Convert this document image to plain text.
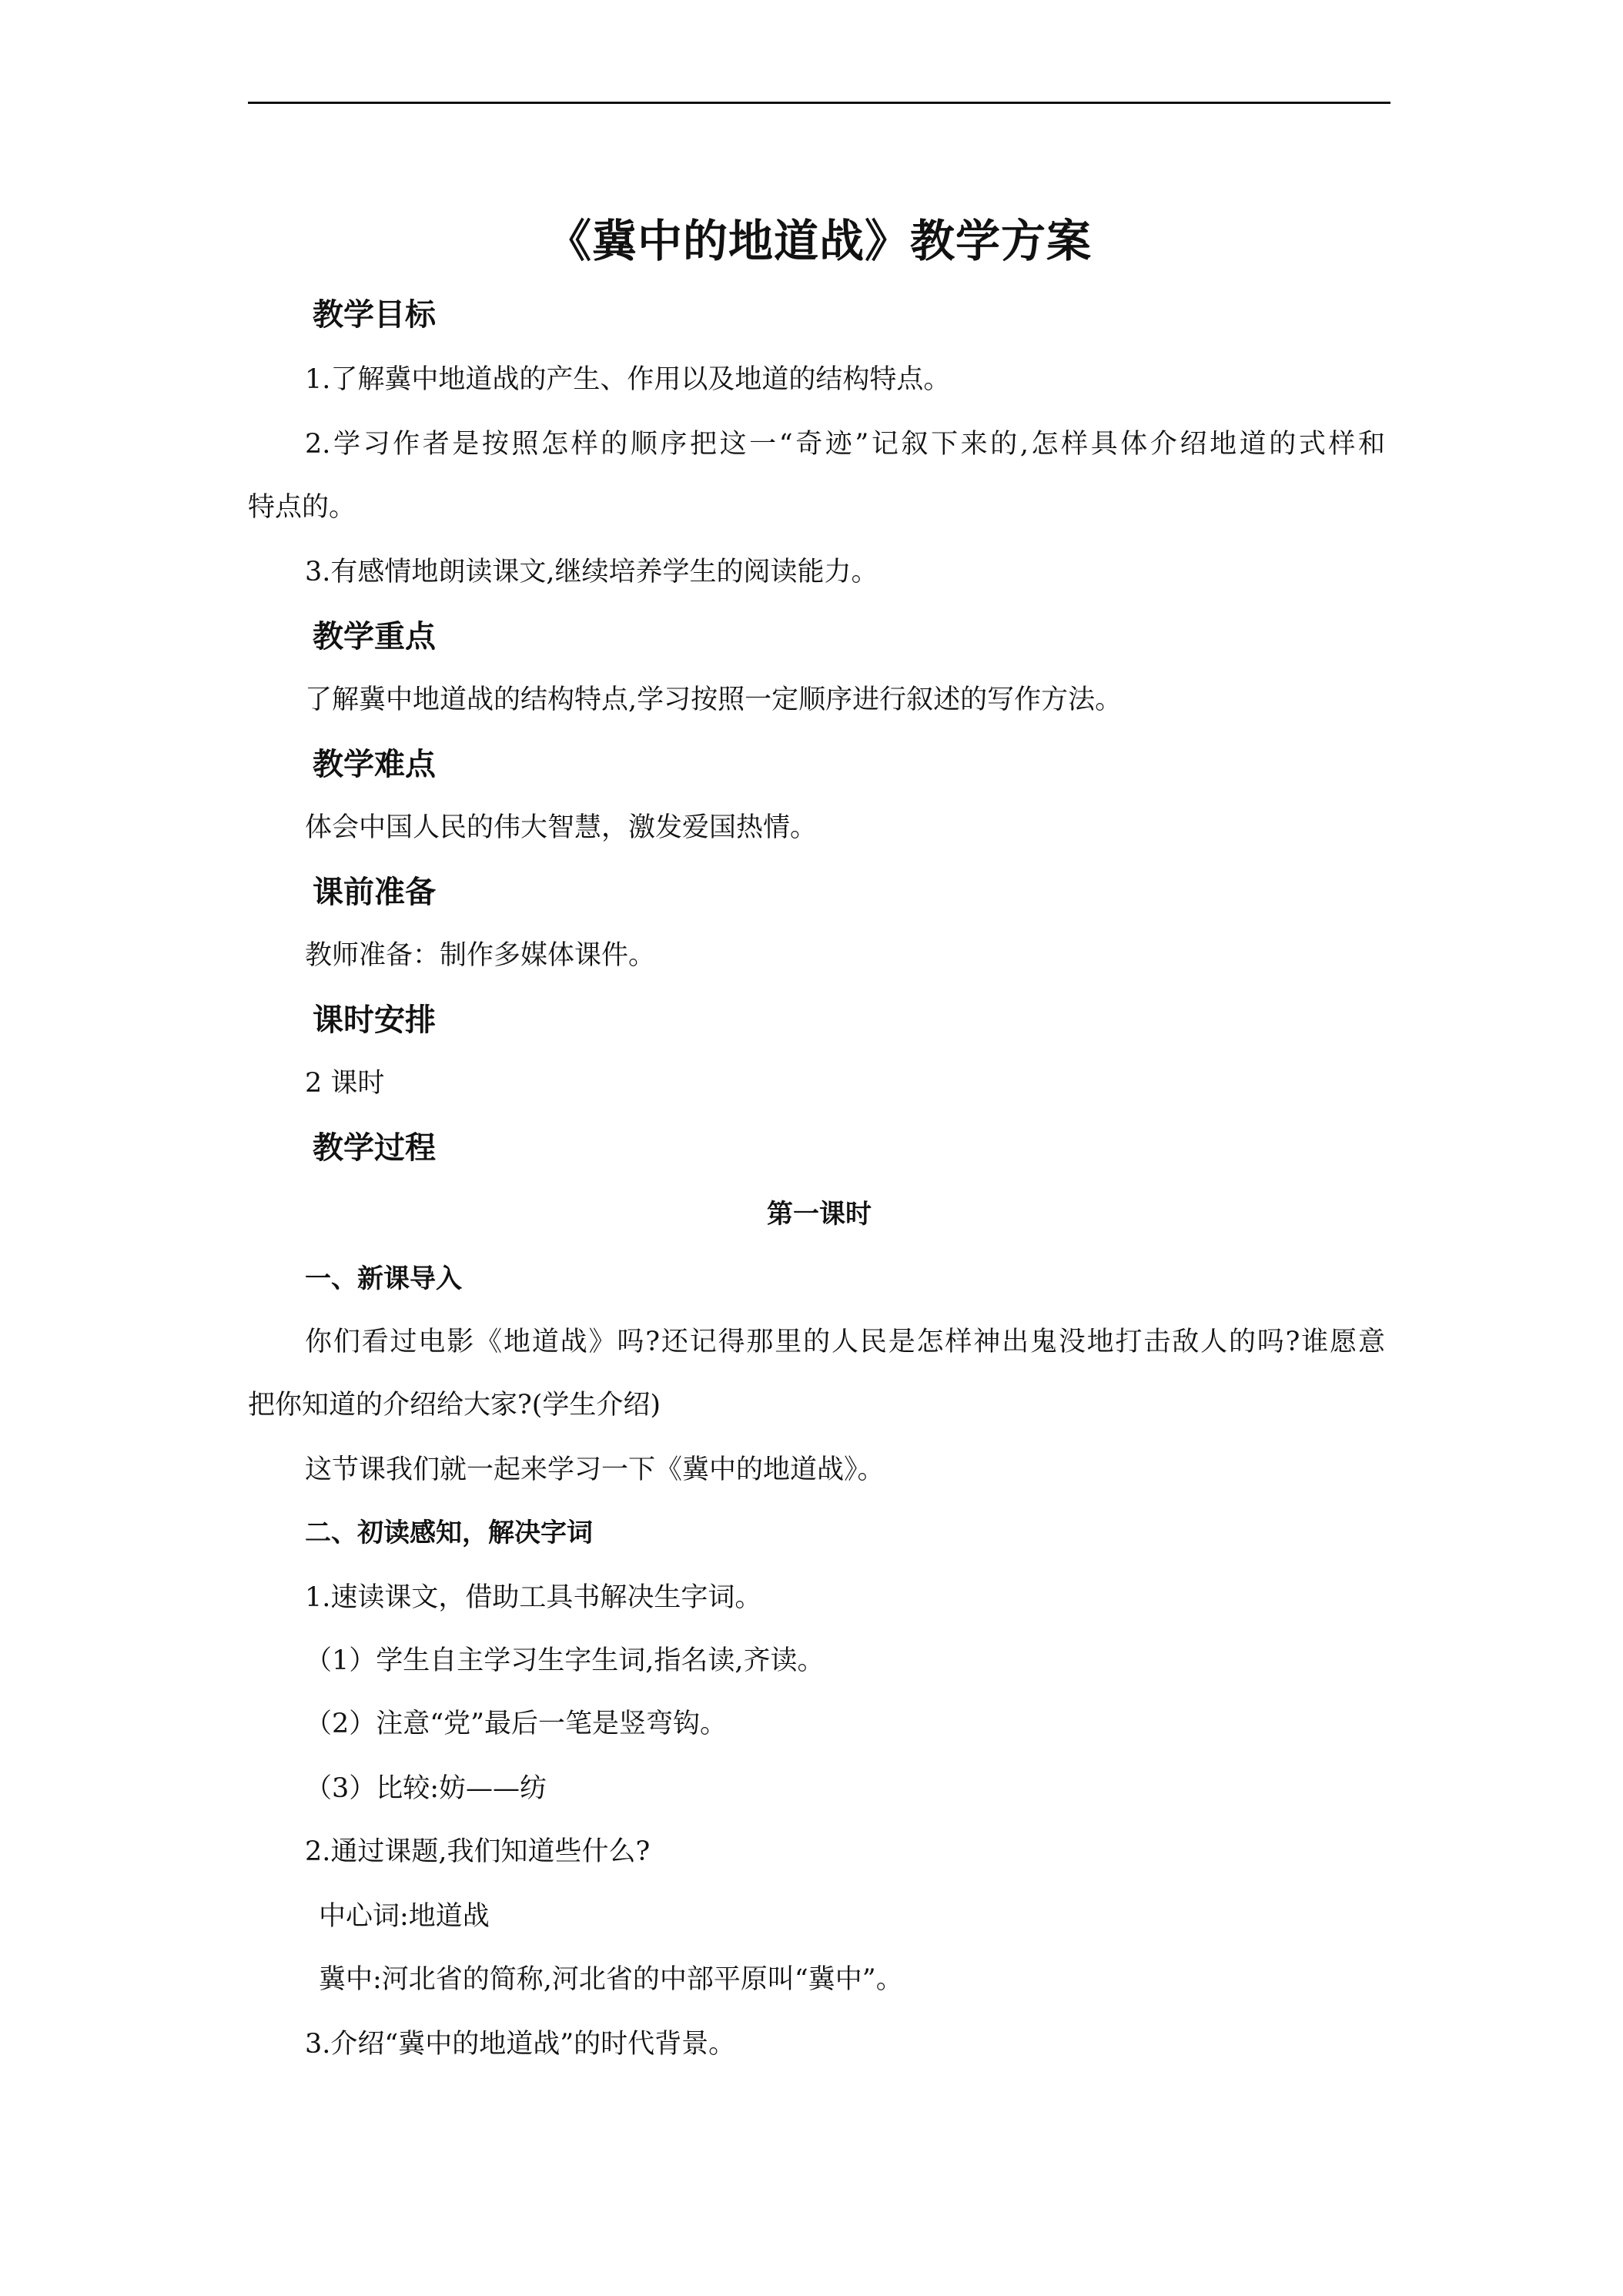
《冀中的地道战》教学方案
教学目标
1.了解冀中地道战的产生、作用以及地道的结构特点。
2.学习作者是按照怎样的顺序把这一“奇迹”记叙下来的,怎样具体介绍地道的式样和
特点的。
3.有感情地朗读课文,继续培养学生的阅读能力。
教学重点
了解冀中地道战的结构特点,学习按照一定顺序进行叙述的写作方法。
教学难点
体会中国人民的伟大智慧，激发爱国热情。
课前准备
教师准备：制作多媒体课件。
课时安排
2 课时
教学过程
第一课时
一、新课导入
你们看过电影《地道战》吗?还记得那里的人民是怎样神出鬼没地打击敌人的吗?谁愿意
把你知道的介绍给大家?(学生介绍)
这节课我们就一起来学习一下《冀中的地道战》。
二、初读感知，解决字词
1.速读课文，借助工具书解决生字词。
（1）学生自主学习生字生词,指名读,齐读。
（2）注意“党”最后一笔是竖弯钩。
（3）比较:妨——纺
2.通过课题,我们知道些什么?
中心词:地道战
冀中:河北省的简称,河北省的中部平原叫“冀中”。
3.介绍“冀中的地道战”的时代背景。
